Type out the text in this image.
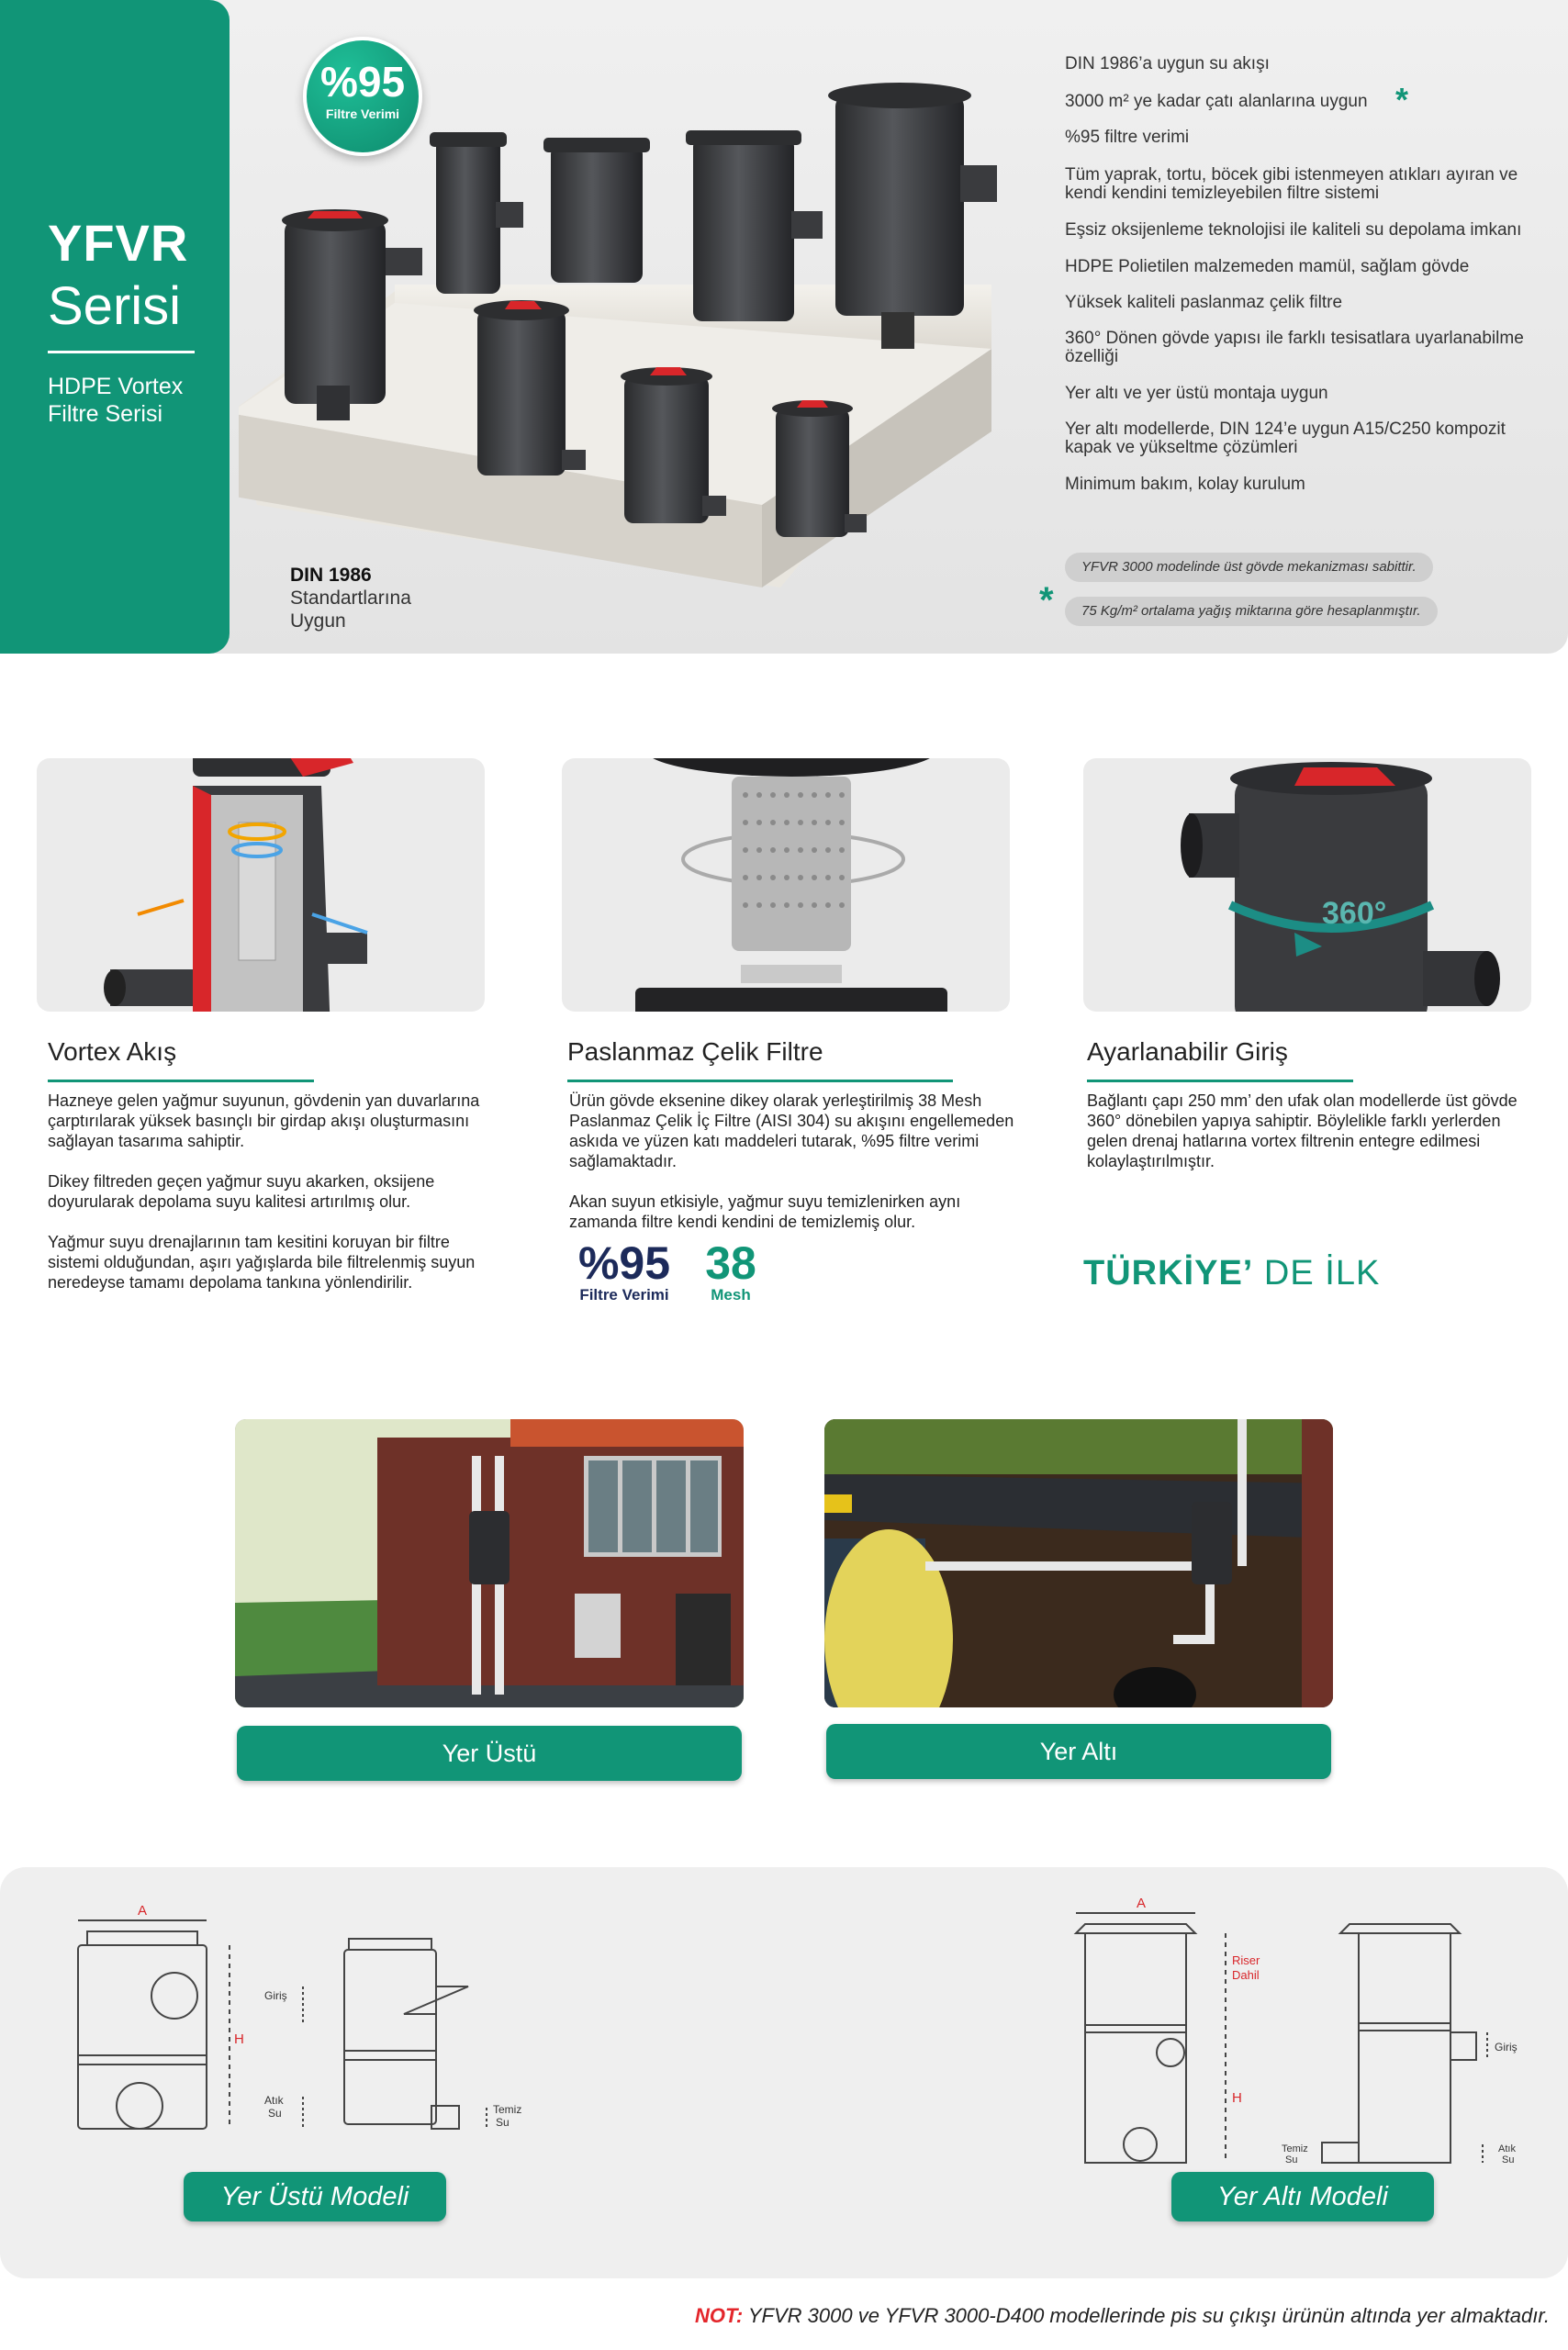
YFVR
Serisi
HDPE Vortex Filtre Serisi
%95
Filtre Verimi
DIN 1986
Standartlarına
Uygun
DIN 1986’a uygun su akışı
3000 m² ye kadar çatı alanlarına uygun
%95 filtre verimi
Tüm yaprak, tortu, böcek gibi istenmeyen atıkları ayıran ve kendi kendini temizleyebilen filtre sistemi
Eşsiz oksijenleme teknolojisi ile kaliteli su depolama imkanı
HDPE Polietilen malzemeden mamül, sağlam gövde
Yüksek kaliteli paslanmaz çelik filtre
360° Dönen gövde yapısı ile farklı tesisatlara uyarlanabilme özelliği
Yer altı ve yer üstü montaja uygun
Yer altı modellerde, DIN 124’e uygun A15/C250 kompozit kapak ve yükseltme çözümleri
Minimum bakım, kolay kurulum
*
YFVR 3000 modelinde üst gövde mekanizması sabittir.
75 Kg/m² ortalama yağış miktarına göre hesaplanmıştır.
*
360°
Vortex Akış

Hazneye gelen yağmur suyunun, gövdenin yan duvarlarına çarptırılarak yüksek basınçlı bir girdap akışı oluşturmasını sağlayan tasarıma sahiptir.

Dikey filtreden geçen yağmur suyu akarken, oksijene doyurularak depolama suyu kalitesi artırılmış olur.

Yağmur suyu drenajlarının tam kesitini koruyan bir filtre sistemi olduğundan, aşırı yağışlarda bile filtrelenmiş suyun neredeyse tamamı depolama tankına yönlendirilir.

Paslanmaz Çelik Filtre

Ürün gövde eksenine dikey olarak yerleştirilmiş 38 Mesh Paslanmaz Çelik İç Filtre (AISI 304) su akışını engellemeden askıda ve yüzen katı maddeleri tutarak, %95 filtre verimi sağlamaktadır.

Akan suyun etkisiyle, yağmur suyu temizlenirken aynı zamanda filtre kendi kendini de temizlemiş olur.

%95
Filtre Verimi
38
Mesh
Ayarlanabilir Giriş

Bağlantı çapı 250 mm’ den ufak olan modellerde üst gövde 360° dönebilen yapıya sahiptir. Böylelikle farklı yerlerden gelen drenaj hatlarına vortex filtrenin entegre edilmesi kolaylaştırılmıştır.

TÜRKİYE’ DE İLK
Yer Üstü	Yer Altı
A
H
Giriş
Atık
Su	Temiz
Su
A
Riser
Dahil
H
Giriş
Temiz
Su
Atık
Su
Yer Üstü Modeli	Yer Altı Modeli
NOT: YFVR 3000 ve YFVR 3000-D400 modellerinde pis su çıkışı ürünün altında yer almaktadır.
